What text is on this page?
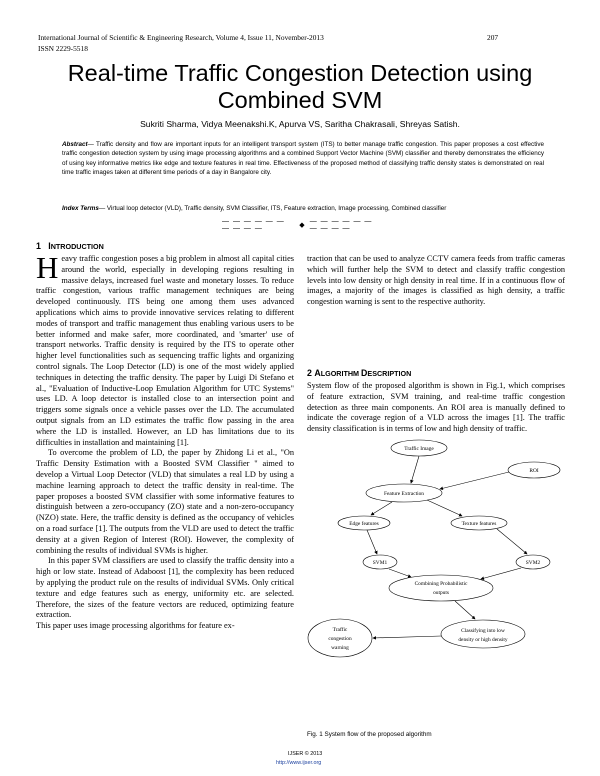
International Journal of Scientific & Engineering Research, Volume 4, Issue 11, November-2013	207
ISSN 2229-5518
Real-time Traffic Congestion Detection using Combined SVM
Sukriti Sharma, Vidya Meenakshi.K, Apurva VS, Saritha Chakrasali, Shreyas Satish.
Abstract— Traffic density and flow are important inputs for an intelligent transport system (ITS) to better manage traffic congestion. This paper proposes a cost effective traffic congestion detection system by using image processing algorithms and a combined Support Vector Machine (SVM) classifier and thereby demonstrates the efficiency of using key informative metrics like edge and texture features in real time. Effectiveness of the proposed method of classifying traffic density states is demonstrated on real time traffic images taken at different time periods of a day in Bangalore city.
Index Terms— Virtual loop detector (VLD), Traffic density, SVM Classifier, ITS, Feature extraction, Image processing, Combined classifier
— — — — — — — — — —	◆
— — — — — — — — — —
1 INTRODUCTION

Heavy traffic congestion poses a big problem in almost all capital cities around the world, especially in developing regions resulting in massive delays, increased fuel waste and monetary losses. To reduce traffic congestion, various traffic management techniques are being developed continuously. ITS being one among them uses advanced applications which aims to provide innovative services relating to different modes of transport and traffic management thus enabling various users to be better informed and make safer, more coordinated, and 'smarter' use of transport networks. Traffic density is required by the ITS to operate other higher level functionalities such as sequencing traffic lights and organizing control signals. The Loop Detector (LD) is one of the most widely applied techniques in detecting the traffic density. The paper by Luigi Di Stefano et al., "Evaluation of Inductive-Loop Emulation Algorithm for UTC Systems" uses LD. A loop detector is installed close to an intersection point and triggers some signals once a vehicle passes over the LD. The accumulated output signals from an LD estimates the traffic flow passing in the area where the LD is installed. However, an LD has limitations due to its difficulties in installation and maintaining [1].

To overcome the problem of LD, the paper by Zhidong Li et al., "On Traffic Density Estimation with a Boosted SVM Classifier " aimed to develop a Virtual Loop Detector (VLD) that simulates a real LD by using a machine learning approach to detect the traffic density in real-time. The paper proposes a boosted SVM classifier with some informative features to distinguish between a zero-occupancy (ZO) state and a non-zero-occupancy (NZO) state. Here, the traffic density is defined as the occupancy of vehicles on a road surface [1]. The outputs from the VLD are used to detect the traffic density at a given Region of Interest (ROI). However, the complexity of combining the results of individual SVMs is higher.

In this paper SVM classifiers are used to classify the traffic density into a high or low state. Instead of Adaboost [1], the complexity has been reduced by applying the product rule on the results of individual SVMs. Only critical texture and edge features such as energy, uniformity etc. are selected. Therefore, the sizes of the feature vectors are reduced, optimizing feature extraction.

This paper uses image processing algorithms for feature ex-

traction that can be used to analyze CCTV camera feeds from traffic cameras which will further help the SVM to detect and classify traffic congestion levels into low density or high density in real time. If in a continuous flow of images, a majority of the images is classified as high density, a traffic congestion warning is sent to the respective authority.

2 ALGORITHM DESCRIPTION

System flow of the proposed algorithm is shown in Fig.1, which comprises of feature extraction, SVM training, and real-time traffic congestion detection as three main components. An ROI area is manually defined to indicate the coverage region of a VLD across the images [1]. The traffic density classification is in terms of low and high density of traffic.

Traffic Image
ROI
Feature Extraction
Edge features	Texture features
SVM1	SVM2
Combining Probabilistic
outputs
Classifying into low
density or high density
Traffic
congestion
warning
Fig. 1 System flow of the proposed algorithm
IJSER © 2013
http://www.ijser.org
